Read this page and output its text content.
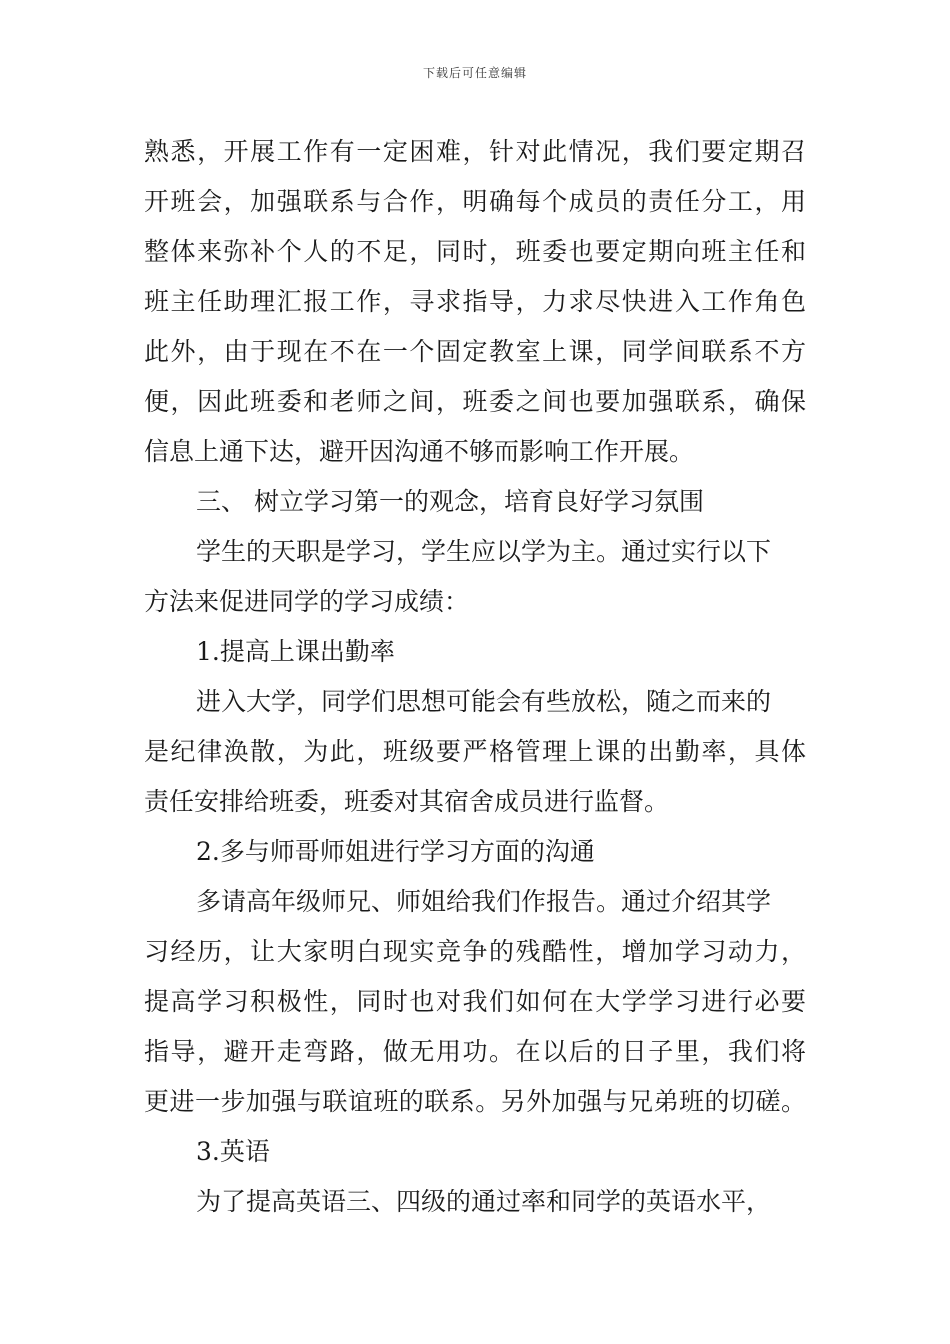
下载后可任意编辑
熟悉，开展工作有一定困难，针对此情况，我们要定期召
开班会，加强联系与合作，明确每个成员的责任分工，用
整体来弥补个人的不足，同时，班委也要定期向班主任和
班主任助理汇报工作，寻求指导，力求尽快进入工作角色
此外，由于现在不在一个固定教室上课，同学间联系不方
便，因此班委和老师之间，班委之间也要加强联系，确保
信息上通下达，避开因沟通不够而影响工作开展。
三、 树立学习第一的观念，培育良好学习氛围
学生的天职是学习，学生应以学为主。通过实行以下
方法来促进同学的学习成绩：
1.提高上课出勤率
进入大学，同学们思想可能会有些放松，随之而来的
是纪律涣散，为此，班级要严格管理上课的出勤率，具体
责任安排给班委，班委对其宿舍成员进行监督。
2.多与师哥师姐进行学习方面的沟通
多请高年级师兄、师姐给我们作报告。通过介绍其学
习经历，让大家明白现实竞争的残酷性，增加学习动力，
提高学习积极性，同时也对我们如何在大学学习进行必要
指导，避开走弯路，做无用功。在以后的日子里，我们将
更进一步加强与联谊班的联系。另外加强与兄弟班的切磋。
3.英语
为了提高英语三、四级的通过率和同学的英语水平，
